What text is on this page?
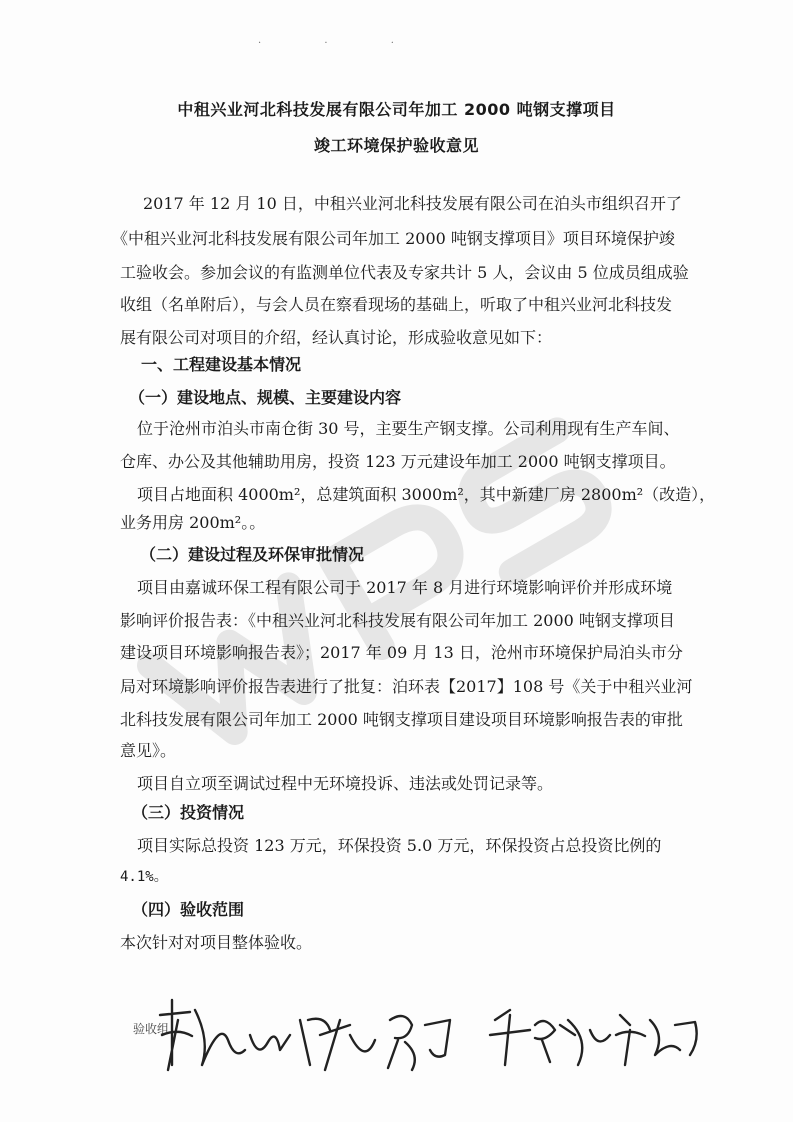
· · ·
中租兴业河北科技发展有限公司年加工 2000 吨钢支撑项目
竣工环境保护验收意见
2017 年 12 月 10 日，中租兴业河北科技发展有限公司在泊头市组织召开了
《中租兴业河北科技发展有限公司年加工 2000 吨钢支撑项目》项目环境保护竣
工验收会。参加会议的有监测单位代表及专家共计 5 人，会议由 5 位成员组成验
收组（名单附后），与会人员在察看现场的基础上，听取了中租兴业河北科技发
展有限公司对项目的介绍，经认真讨论，形成验收意见如下：
一、工程建设基本情况
（一）建设地点、规模、主要建设内容
位于沧州市泊头市南仓街 30 号，主要生产钢支撑。公司利用现有生产车间、
仓库、办公及其他辅助用房，投资 123 万元建设年加工 2000 吨钢支撑项目。
项目占地面积 4000m²，总建筑面积 3000m²，其中新建厂房 2800m²（改造），
业务用房 200m²。。
（二）建设过程及环保审批情况
项目由嘉诚环保工程有限公司于 2017 年 8 月进行环境影响评价并形成环境
影响评价报告表：《中租兴业河北科技发展有限公司年加工 2000 吨钢支撑项目
建设项目环境影响报告表》；2017 年 09 月 13 日，沧州市环境保护局泊头市分
局对环境影响评价报告表进行了批复：泊环表【2017】108 号《关于中租兴业河
北科技发展有限公司年加工 2000 吨钢支撑项目建设项目环境影响报告表的审批
意见》。
项目自立项至调试过程中无环境投诉、违法或处罚记录等。
（三）投资情况
项目实际总投资 123 万元，环保投资 5.0 万元，环保投资占总投资比例的
4.1%。
（四）验收范围
本次针对对项目整体验收。
验收组：
